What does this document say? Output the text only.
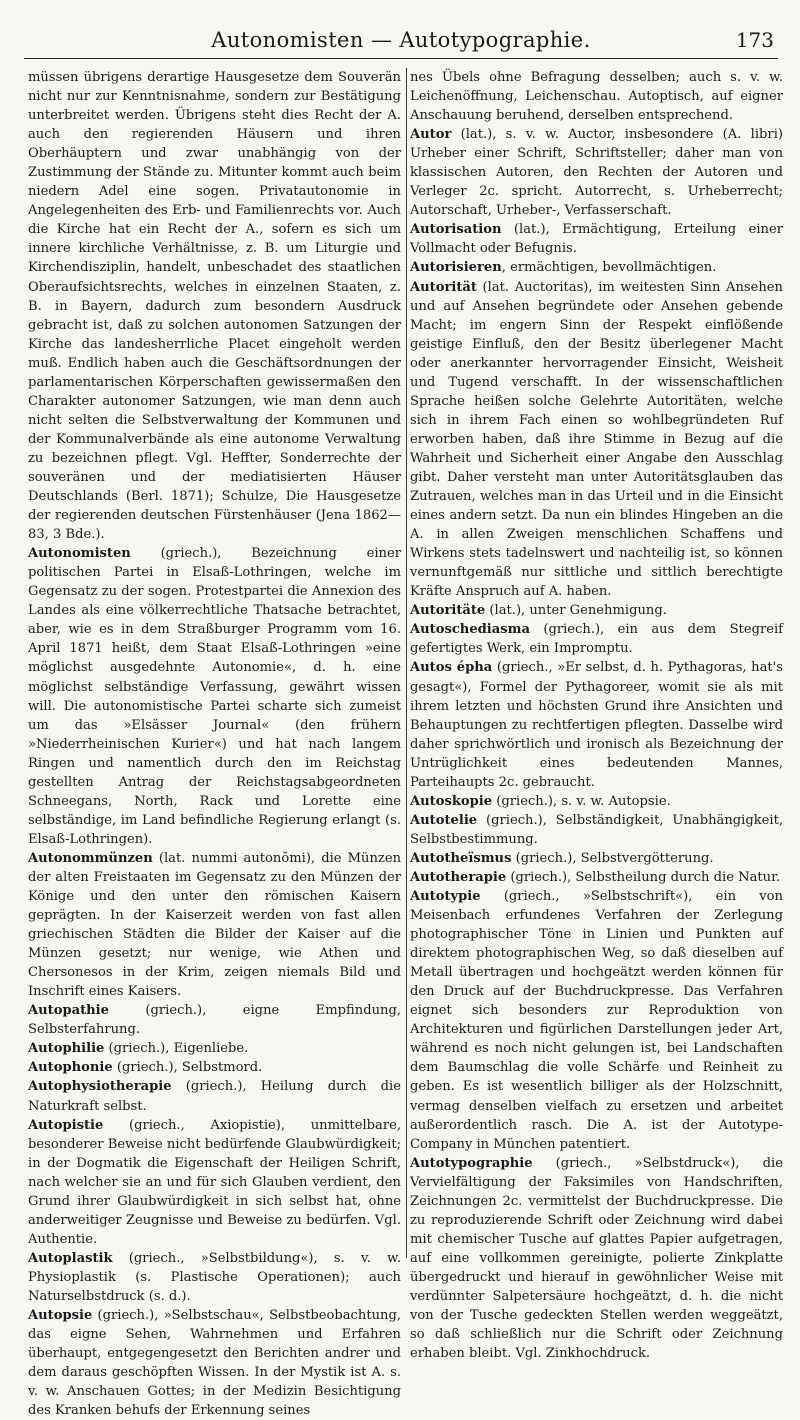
Autonomisten — Autotypographie.	173

müssen übrigens derartige Hausgesetze dem Souverän nicht nur zur Kenntnisnahme, sondern zur Bestätigung unterbreitet werden. Übrigens steht dies Recht der A. auch den regierenden Häusern und ihren Oberhäuptern und zwar unabhängig von der Zustimmung der Stände zu. Mitunter kommt auch beim niedern Adel eine sogen. Privatautonomie in Angelegenheiten des Erb- und Familienrechts vor. Auch die Kirche hat ein Recht der A., sofern es sich um innere kirchliche Verhältnisse, z. B. um Liturgie und Kirchendisziplin, handelt, unbeschadet des staatlichen Oberaufsichtsrechts, welches in einzelnen Staaten, z. B. in Bayern, dadurch zum besondern Ausdruck gebracht ist, daß zu solchen autonomen Satzungen der Kirche das landesherrliche Placet eingeholt werden muß. Endlich haben auch die Geschäftsordnungen der parlamentarischen Körperschaften gewissermaßen den Charakter autonomer Satzungen, wie man denn auch nicht selten die Selbstverwaltung der Kommunen und der Kommunalverbände als eine autonome Verwaltung zu bezeichnen pflegt. Vgl. Heffter, Sonderrechte der souveränen und der mediatisierten Häuser Deutschlands (Berl. 1871); Schulze, Die Hausgesetze der regierenden deutschen Fürstenhäuser (Jena 1862—83, 3 Bde.).

Autonomisten (griech.), Bezeichnung einer politischen Partei in Elsaß-Lothringen, welche im Gegensatz zu der sogen. Protestpartei die Annexion des Landes als eine völkerrechtliche Thatsache betrachtet, aber, wie es in dem Straßburger Programm vom 16. April 1871 heißt, dem Staat Elsaß-Lothringen »eine möglichst ausgedehnte Autonomie«, d. h. eine möglichst selbständige Verfassung, gewährt wissen will. Die autonomistische Partei scharte sich zumeist um das »Elsässer Journal« (den frühern »Niederrheinischen Kurier«) und hat nach langem Ringen und namentlich durch den im Reichstag gestellten Antrag der Reichstagsabgeordneten Schneegans, North, Rack und Lorette eine selbständige, im Land befindliche Regierung erlangt (s. Elsaß-Lothringen).

Autonommünzen (lat. nummi autonŏmi), die Münzen der alten Freistaaten im Gegensatz zu den Münzen der Könige und den unter den römischen Kaisern geprägten. In der Kaiserzeit werden von fast allen griechischen Städten die Bilder der Kaiser auf die Münzen gesetzt; nur wenige, wie Athen und Chersonesos in der Krim, zeigen niemals Bild und Inschrift eines Kaisers.

Autopathie (griech.), eigne Empfindung, Selbsterfahrung.

Autophilie (griech.), Eigenliebe.

Autophonie (griech.), Selbstmord.

Autophysiotherapie (griech.), Heilung durch die Naturkraft selbst.

Autopistie (griech., Axiopistie), unmittelbare, besonderer Beweise nicht bedürfende Glaubwürdigkeit; in der Dogmatik die Eigenschaft der Heiligen Schrift, nach welcher sie an und für sich Glauben verdient, den Grund ihrer Glaubwürdigkeit in sich selbst hat, ohne anderweitiger Zeugnisse und Beweise zu bedürfen. Vgl. Authentie.

Autoplastik (griech., »Selbstbildung«), s. v. w. Physioplastik (s. Plastische Operationen); auch Naturselbstdruck (s. d.).

Autopsie (griech.), »Selbstschau«, Selbstbeobachtung, das eigne Sehen, Wahrnehmen und Erfahren überhaupt, entgegengesetzt den Berichten andrer und dem daraus geschöpften Wissen. In der Mystik ist A. s. v. w. Anschauen Gottes; in der Medizin Besichtigung des Kranken behufs der Erkennung seines

nes Übels ohne Befragung desselben; auch s. v. w. Leichenöffnung, Leichenschau. Autoptisch, auf eigner Anschauung beruhend, derselben entsprechend.

Autor (lat.), s. v. w. Auctor, insbesondere (A. libri) Urheber einer Schrift, Schriftsteller; daher man von klassischen Autoren, den Rechten der Autoren und Verleger 2c. spricht. Autorrecht, s. Urheberrecht; Autorschaft, Urheber-, Verfasserschaft.

Autorisation (lat.), Ermächtigung, Erteilung einer Vollmacht oder Befugnis.

Autorisieren, ermächtigen, bevollmächtigen.

Autorität (lat. Auctoritas), im weitesten Sinn Ansehen und auf Ansehen begründete oder Ansehen gebende Macht; im engern Sinn der Respekt einflößende geistige Einfluß, den der Besitz überlegener Macht oder anerkannter hervorragender Einsicht, Weisheit und Tugend verschafft. In der wissenschaftlichen Sprache heißen solche Gelehrte Autoritäten, welche sich in ihrem Fach einen so wohlbegründeten Ruf erworben haben, daß ihre Stimme in Bezug auf die Wahrheit und Sicherheit einer Angabe den Ausschlag gibt. Daher versteht man unter Autoritätsglauben das Zutrauen, welches man in das Urteil und in die Einsicht eines andern setzt. Da nun ein blindes Hingeben an die A. in allen Zweigen menschlichen Schaffens und Wirkens stets tadelnswert und nachteilig ist, so können vernunftgemäß nur sittliche und sittlich berechtigte Kräfte Anspruch auf A. haben.

Autoritäte (lat.), unter Genehmigung.

Autoschediasma (griech.), ein aus dem Stegreif gefertigtes Werk, ein Impromptu.

Autos épha (griech., »Er selbst, d. h. Pythagoras, hat's gesagt«), Formel der Pythagoreer, womit sie als mit ihrem letzten und höchsten Grund ihre Ansichten und Behauptungen zu rechtfertigen pflegten. Dasselbe wird daher sprichwörtlich und ironisch als Bezeichnung der Untrüglichkeit eines bedeutenden Mannes, Parteihaupts 2c. gebraucht.

Autoskopie (griech.), s. v. w. Autopsie.

Autotelie (griech.), Selbständigkeit, Unabhängigkeit, Selbstbestimmung.

Autotheïsmus (griech.), Selbstvergötterung.

Autotherapie (griech.), Selbstheilung durch die Natur.

Autotypie (griech., »Selbstschrift«), ein von Meisenbach erfundenes Verfahren der Zerlegung photographischer Töne in Linien und Punkten auf direktem photographischen Weg, so daß dieselben auf Metall übertragen und hochgeätzt werden können für den Druck auf der Buchdruckpresse. Das Verfahren eignet sich besonders zur Reproduktion von Architekturen und figürlichen Darstellungen jeder Art, während es noch nicht gelungen ist, bei Landschaften dem Baumschlag die volle Schärfe und Reinheit zu geben. Es ist wesentlich billiger als der Holzschnitt, vermag denselben vielfach zu ersetzen und arbeitet außerordentlich rasch. Die A. ist der Autotype-Company in München patentiert.

Autotypographie (griech., »Selbstdruck«), die Vervielfältigung der Faksimiles von Handschriften, Zeichnungen 2c. vermittelst der Buchdruckpresse. Die zu reproduzierende Schrift oder Zeichnung wird dabei mit chemischer Tusche auf glattes Papier aufgetragen, auf eine vollkommen gereinigte, polierte Zinkplatte übergedruckt und hierauf in gewöhnlicher Weise mit verdünnter Salpetersäure hochgeätzt, d. h. die nicht von der Tusche gedeckten Stellen werden weggeätzt, so daß schließlich nur die Schrift oder Zeichnung erhaben bleibt. Vgl. Zinkhochdruck.
